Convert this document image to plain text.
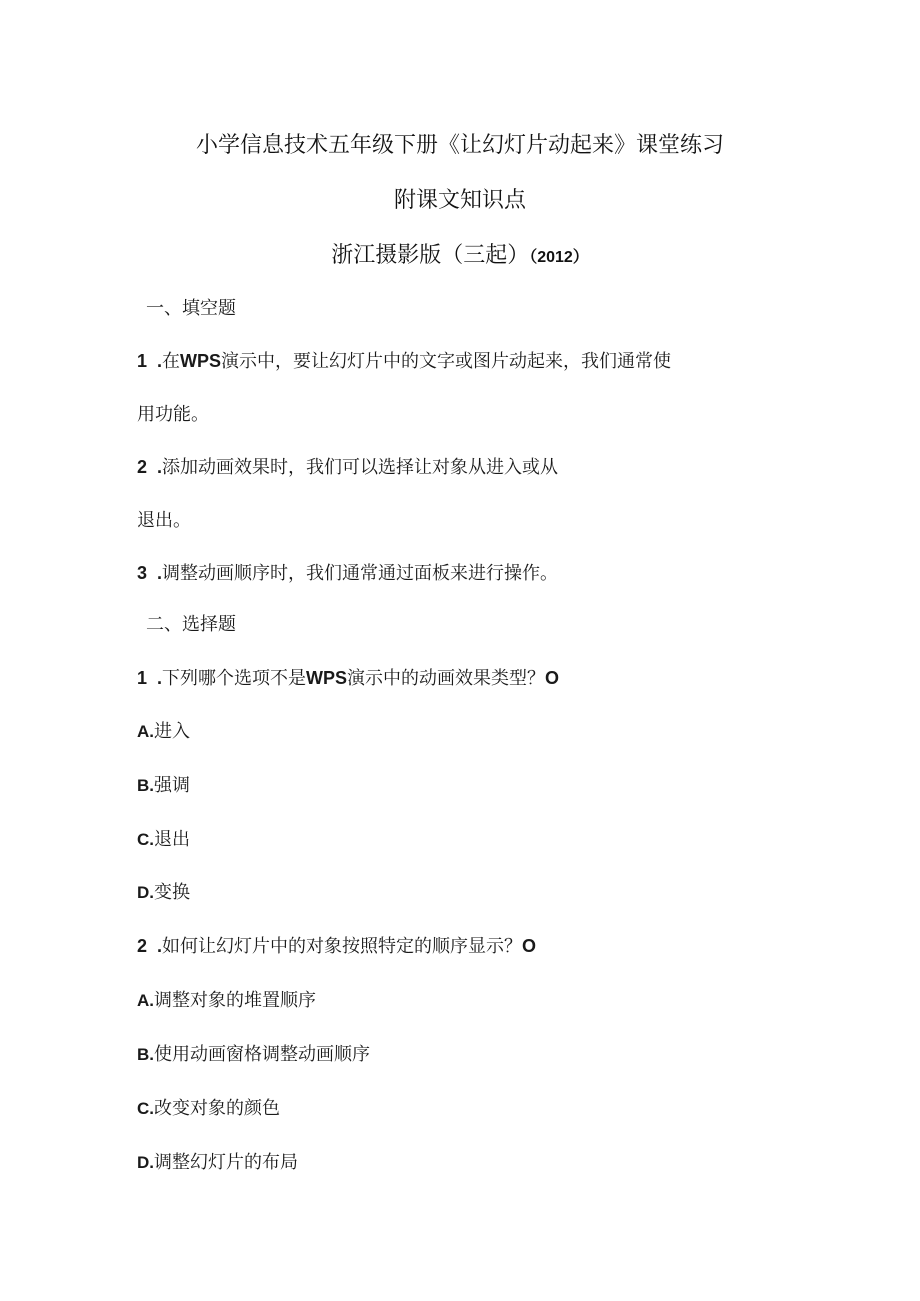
小学信息技术五年级下册《让幻灯片动起来》课堂练习
附课文知识点
浙江摄影版（三起）（2012）
一、填空题
1 .在WPS演示中，要让幻灯片中的文字或图片动起来，我们通常使
用功能。
2 .添加动画效果时，我们可以选择让对象从进入或从
退出。
3 .调整动画顺序时，我们通常通过面板来进行操作。
二、选择题
1 .下列哪个选项不是WPS演示中的动画效果类型？O
A.进入
B.强调
C.退出
D.变换
2 .如何让幻灯片中的对象按照特定的顺序显示？O
A.调整对象的堆置顺序
B.使用动画窗格调整动画顺序
C.改变对象的颜色
D.调整幻灯片的布局
